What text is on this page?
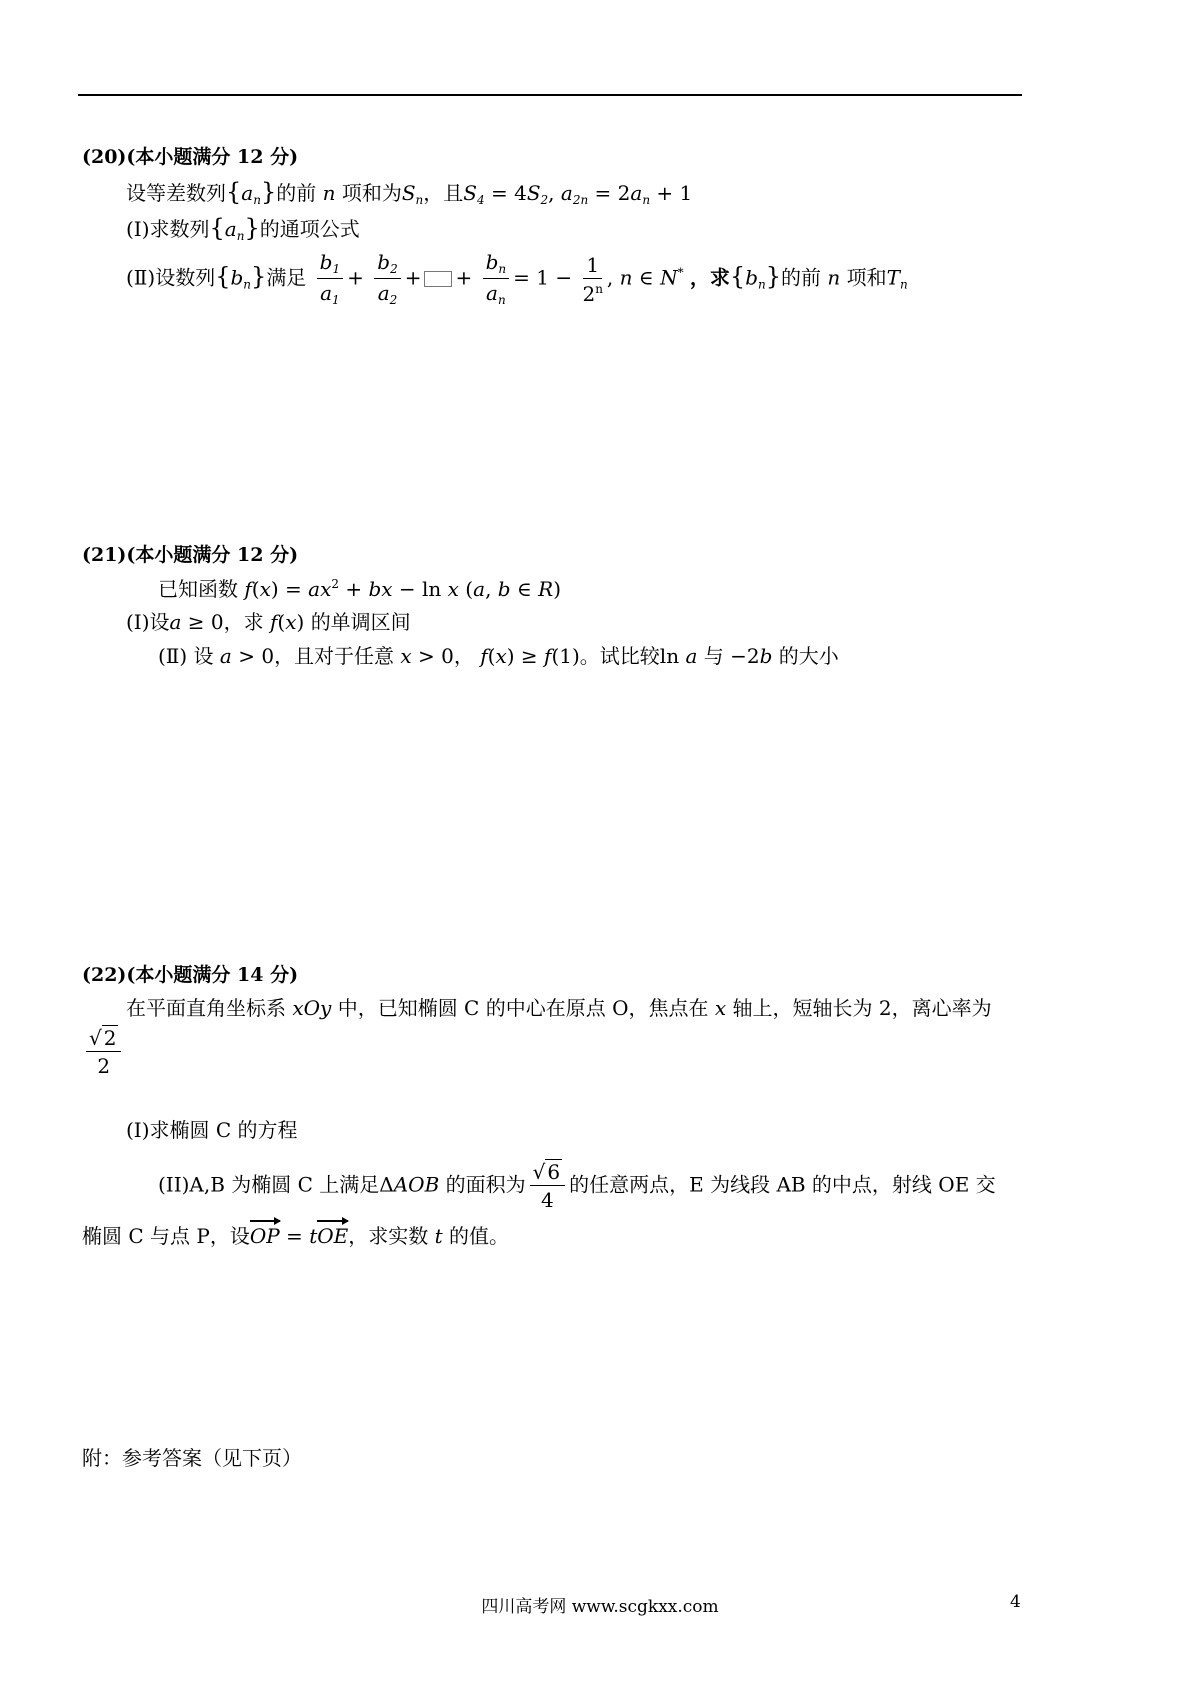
(20)(本小题满分 12 分)
设等差数列$\{a_n\}$的前 n 项和为$S_n$，且$S_4 = 4S_2$, $a_{2n} = 2a_n + 1$
(Ⅰ)求数列$\{a_n\}$的通项公式
(Ⅱ)设数列$\{b_n\}$满足 $\frac{b_1}{a_1} + \frac{b_2}{a_2}$ + + $\frac{b_n}{a_n} = 1 - \frac{1}{2^n}$ , n ∈ N* ，求$\{b_n\}$的前 n 项和$T_n$
(21)(本小题满分 12 分)
已知函数 $f(x) = ax^2$ + bx − ln x (a, b ∈ R)
(Ⅰ)设a ≥ 0，求 f(x) 的单调区间
(Ⅱ) 设 a > 0，且对于任意 x > 0， f(x) ≥ f(1)。试比较ln a 与 −2b 的大小
(22)(本小题满分 14 分)
在平面直角坐标系 xOy 中，已知椭圆 C 的中心在原点 O，焦点在 x 轴上，短轴长为 2，离心率为
$\frac{√ 2}{2}$
(I)求椭圆 C 的方程
(II)A,B 为椭圆 C 上满足ΔAOB 的面积为 $\frac{√ 6}{4}$ 的任意两点，E 为线段 AB 的中点，射线 OE 交
椭圆 C 与点 P，设OP = tOE，求实数 t 的值。
附：参考答案（见下页）
四川高考网 www.scgkxx.com	4
